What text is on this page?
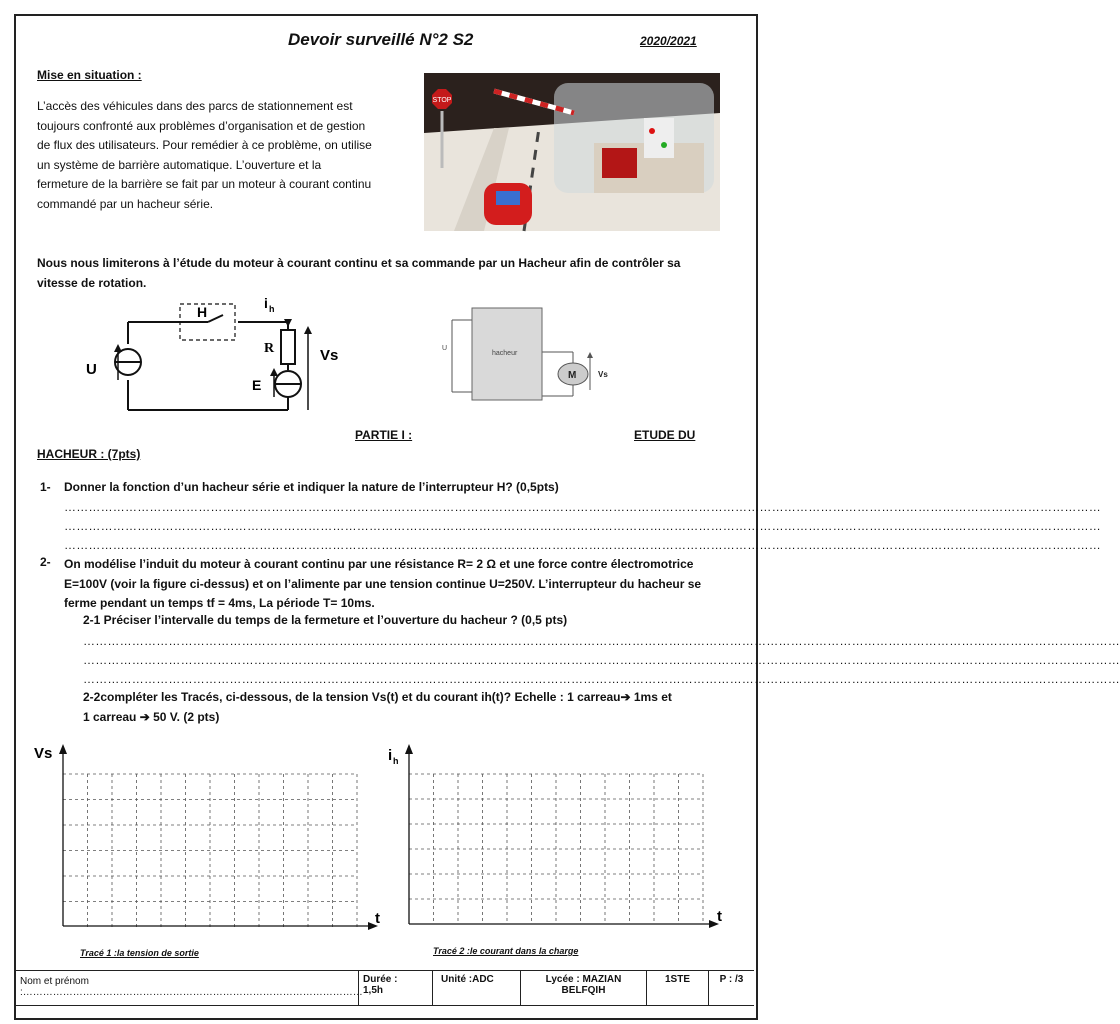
Devoir surveillé N°2 S2	2020/2021
Mise en situation :
L’accès des véhicules dans des parcs de stationnement est
toujours confronté aux problèmes d’organisation et de gestion
de flux des utilisateurs. Pour remédier à ce problème, on utilise
un système de barrière automatique. L’ouverture et la
fermeture de la barrière se fait par un moteur à courant continu
commandé par un hacheur série.
STOP
Nous nous limiterons à l’étude du moteur à courant continu et sa commande par un Hacheur afin de contrôler sa
vitesse de rotation.
H
i h
R
E
U
Vs	U
hacheur
M	Vs
PARTIE I :	ETUDE DU
HACHEUR : (7pts)
1- Donner la fonction d’un hacheur série et indiquer la nature de l’interrupteur H? (0,5pts)
…………………………………………………………………………………………………………………………………………………………………………………………………………………………………
…………………………………………………………………………………………………………………………………………………………………………………………………………………………………
…………………………………………………………………………………………………………………………………………………………………………………………………………………………………
2- On modélise l’induit du moteur à courant continu par une résistance R= 2 Ω et une force contre électromotrice
E=100V (voir la figure ci-dessus) et on l’alimente par une tension continue U=250V. L’interrupteur du hacheur se
ferme pendant un temps tf = 4ms, La période T= 10ms.
2-1 Préciser l’intervalle du temps de la fermeture et l’ouverture du hacheur ? (0,5 pts)
…………………………………………………………………………………………………………………………………………………………………………………………………………………………………
…………………………………………………………………………………………………………………………………………………………………………………………………………………………………
…………………………………………………………………………………………………………………………………………………………………………………………………………………………………
2-2compléter les Tracés, ci-dessous, de la tension Vs(t) et du courant ih(t)? Echelle : 1 carreau➔ 1ms et
1 carreau ➔ 50 V. (2 pts)
Vs
t
Tracé 1 :la tension de sortie
i h
t
Tracé 2 :le courant dans la charge
Nom et prénom :…………………………………………………………………………………………
Durée :
1,5h
Unité :ADC	Lycée : MAZIAN
BELFQIH
1STE	P : /3
